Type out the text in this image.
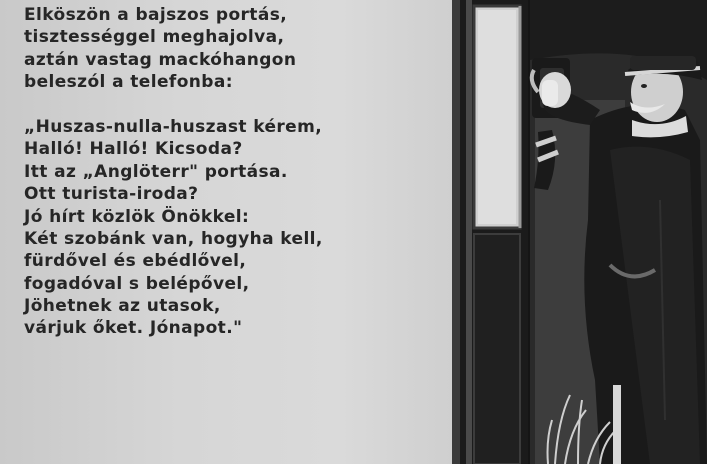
Elköszön a bajszos portás,
tisztességgel meghajolva,
aztán vastag mackóhangon
beleszól a telefonba:
„Huszas-nulla-huszast kérem,
Halló! Halló! Kicsoda?
Itt az „Anglöterr" portása.
Ott turista-iroda?
Jó hírt közlök Önökkel:
Két szobánk van, hogyha kell,
fürdővel és ebédlővel,
fogadóval s belépővel,
Jöhetnek az utasok,
várjuk őket. Jónapot."
